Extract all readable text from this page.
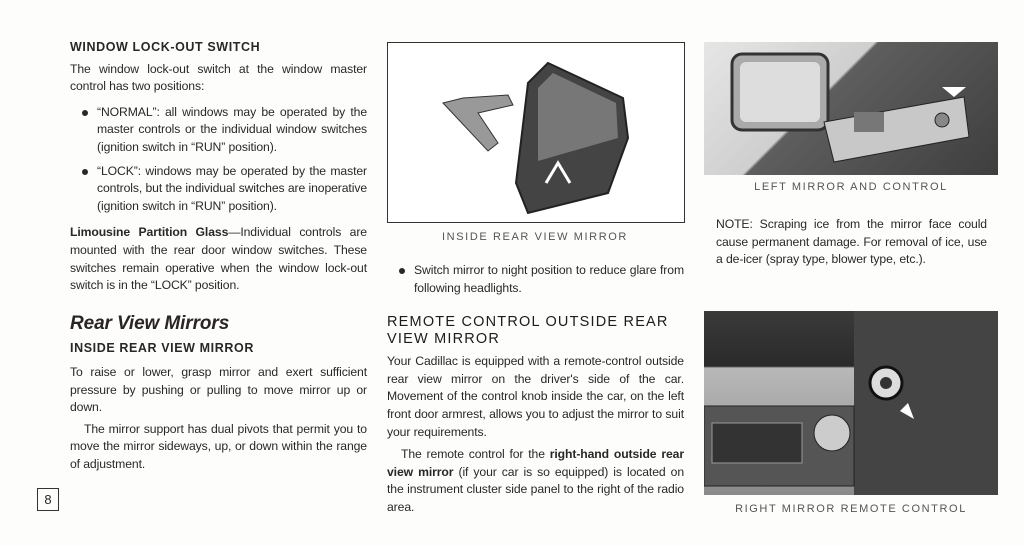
WINDOW LOCK-OUT SWITCH

The window lock-out switch at the window master control has two positions:

“NORMAL”: all windows may be operated by the master controls or the individual window switches (ignition switch in “RUN” position).
“LOCK”: windows may be operated by the master controls, but the individual switches are inoperative (ignition switch in “RUN” position).

Limousine Partition Glass—Individual controls are mounted with the rear door window switches. These switches remain operative when the window lock-out switch is in the “LOCK” position.

Rear View Mirrors
INSIDE REAR VIEW MIRROR

To raise or lower, grasp mirror and exert sufficient pressure by pushing or pulling to move mirror up or down.

The mirror support has dual pivots that permit you to move the mirror sideways, up, or down within the range of adjustment.

8
INSIDE REAR VIEW MIRROR
Switch mirror to night position to reduce glare from following headlights.
REMOTE CONTROL OUTSIDE REAR VIEW MIRROR

Your Cadillac is equipped with a remote-control outside rear view mirror on the driver's side of the car. Movement of the control knob inside the car, on the left front door armrest, allows you to adjust the mirror to suit your requirements.

The remote control for the right-hand outside rear view mirror (if your car is so equipped) is located on the instrument cluster side panel to the right of the radio area.

LEFT MIRROR AND CONTROL

NOTE: Scraping ice from the mirror face could cause permanent damage. For removal of ice, use a de-icer (spray type, blower type, etc.).

RIGHT MIRROR REMOTE CONTROL
